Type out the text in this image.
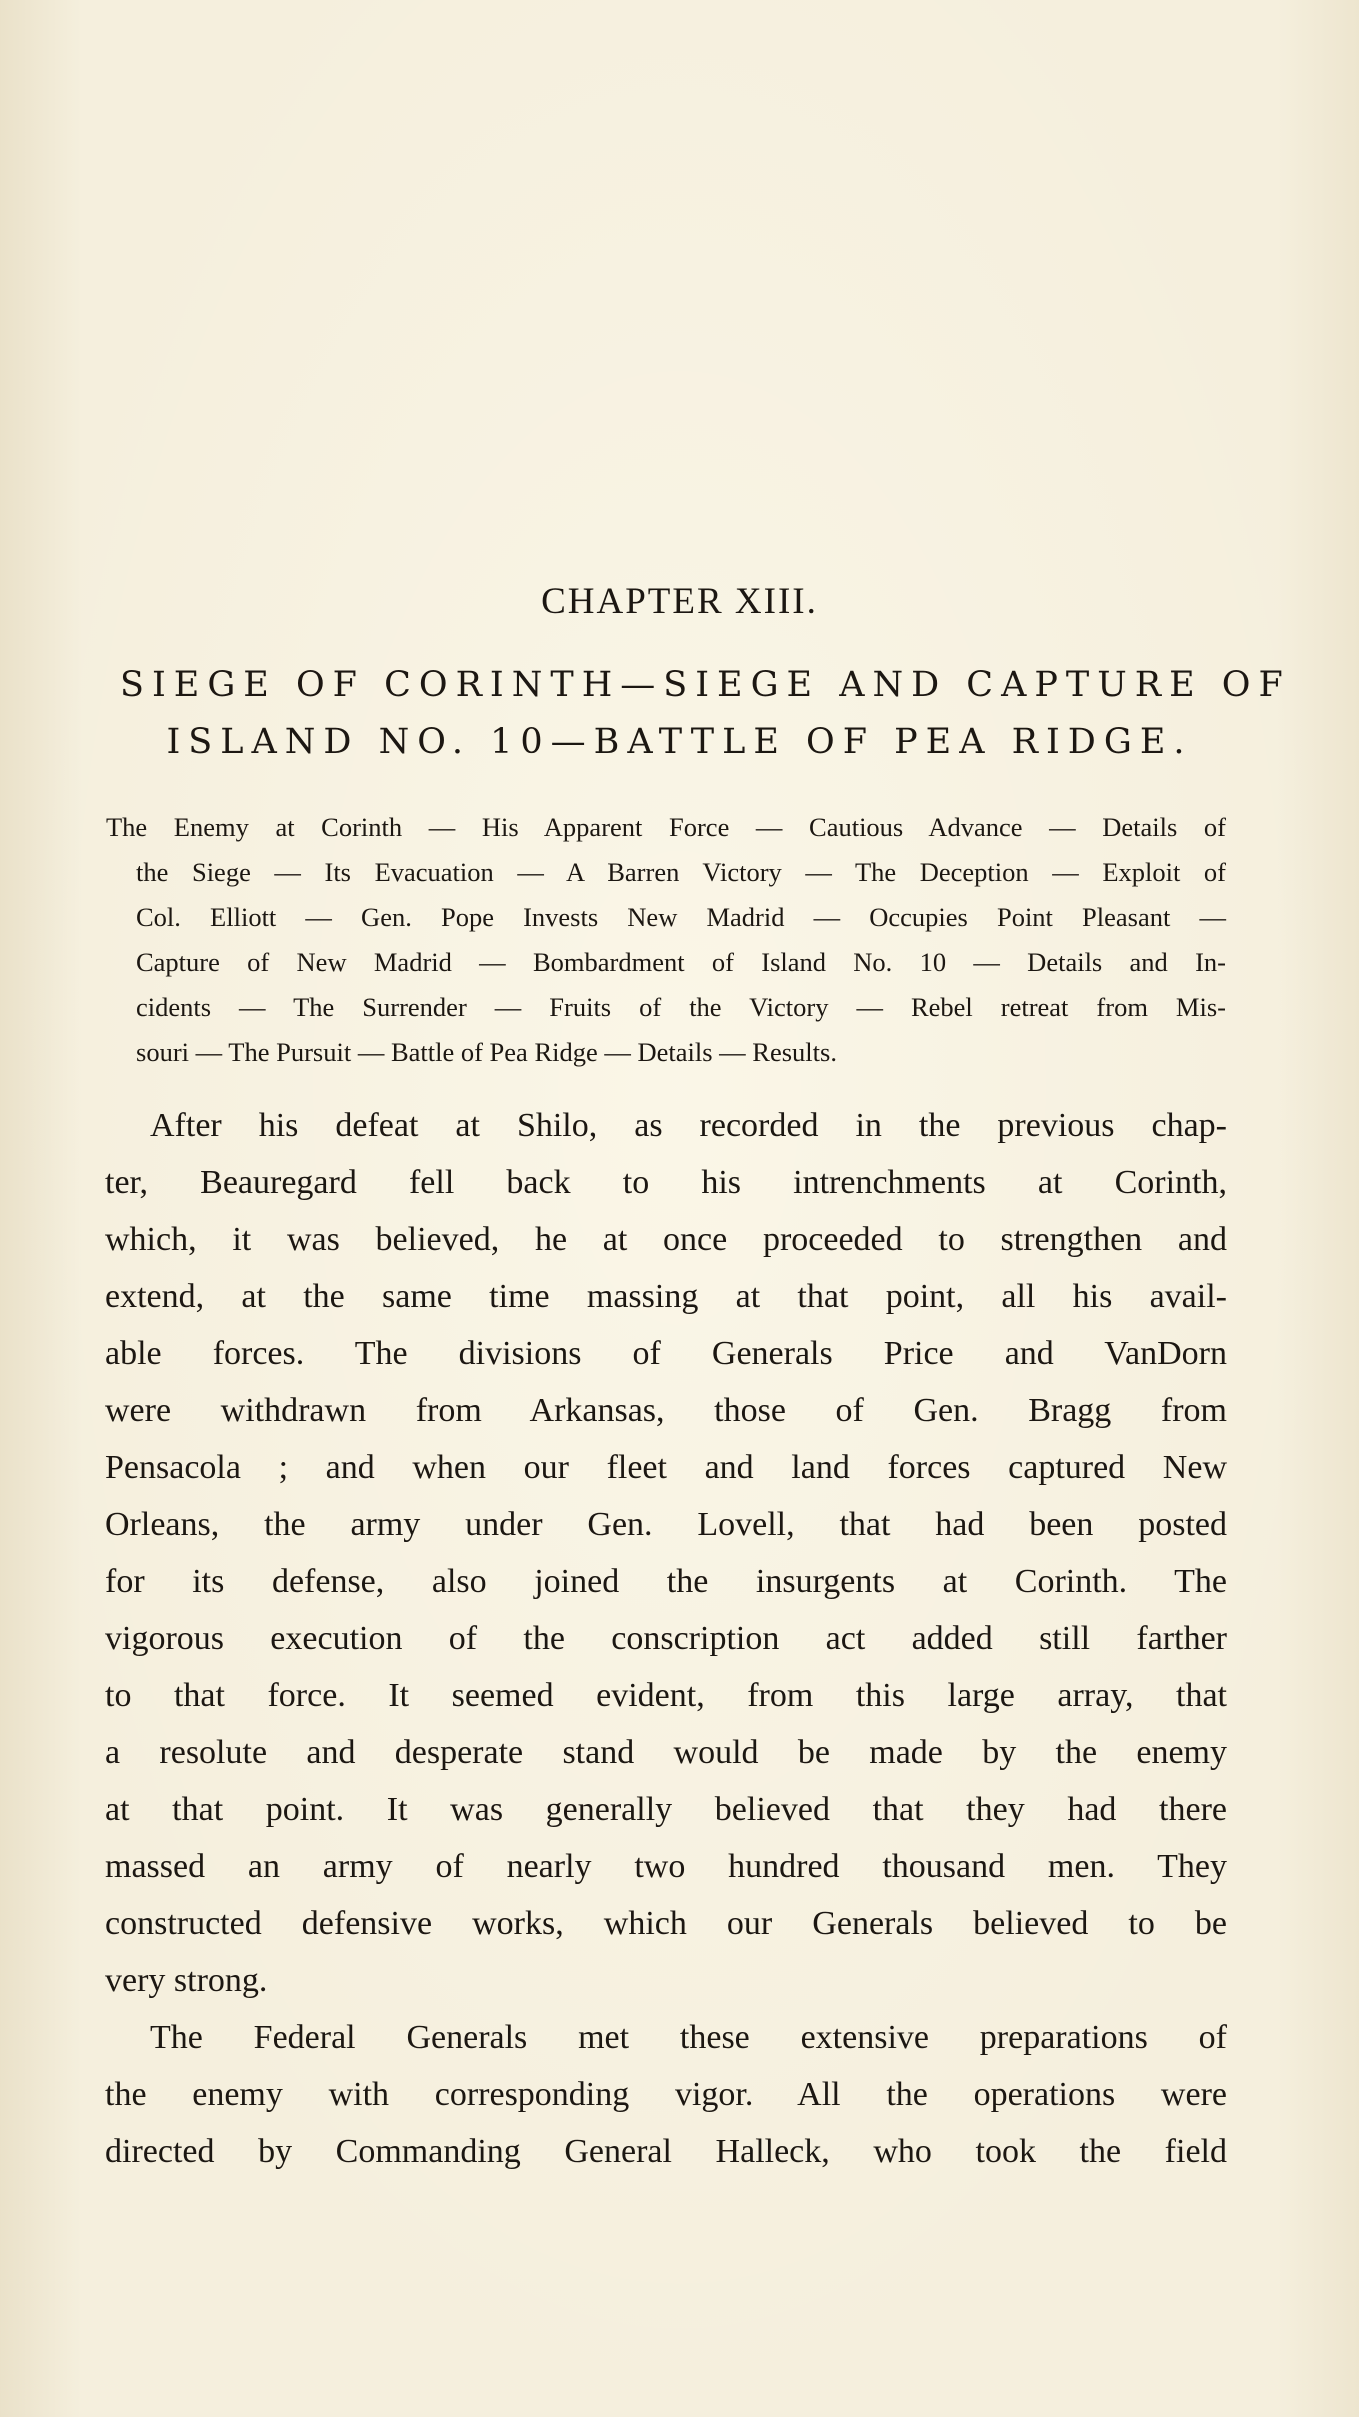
CHAPTER XIII.
SIEGE OF CORINTH—SIEGE AND CAPTURE OF
ISLAND NO. 10—BATTLE OF PEA RIDGE.
The Enemy at Corinth — His Apparent Force — Cautious Advance — Details of
the Siege — Its Evacuation — A Barren Victory — The Deception — Exploit of
Col. Elliott — Gen. Pope Invests New Madrid — Occupies Point Pleasant —
Capture of New Madrid — Bombardment of Island No. 10 — Details and In-
cidents — The Surrender — Fruits of the Victory — Rebel retreat from Mis-
souri — The Pursuit — Battle of Pea Ridge — Details — Results.
After his defeat at Shilo, as recorded in the previous chap-
ter, Beauregard fell back to his intrenchments at Corinth,
which, it was believed, he at once proceeded to strengthen and
extend, at the same time massing at that point, all his avail-
able forces. The divisions of Generals Price and VanDorn
were withdrawn from Arkansas, those of Gen. Bragg from
Pensacola ; and when our fleet and land forces captured New
Orleans, the army under Gen. Lovell, that had been posted
for its defense, also joined the insurgents at Corinth. The
vigorous execution of the conscription act added still farther
to that force. It seemed evident, from this large array, that
a resolute and desperate stand would be made by the enemy
at that point. It was generally believed that they had there
massed an army of nearly two hundred thousand men. They
constructed defensive works, which our Generals believed to be
very strong.
The Federal Generals met these extensive preparations of
the enemy with corresponding vigor. All the operations were
directed by Commanding General Halleck, who took the field
